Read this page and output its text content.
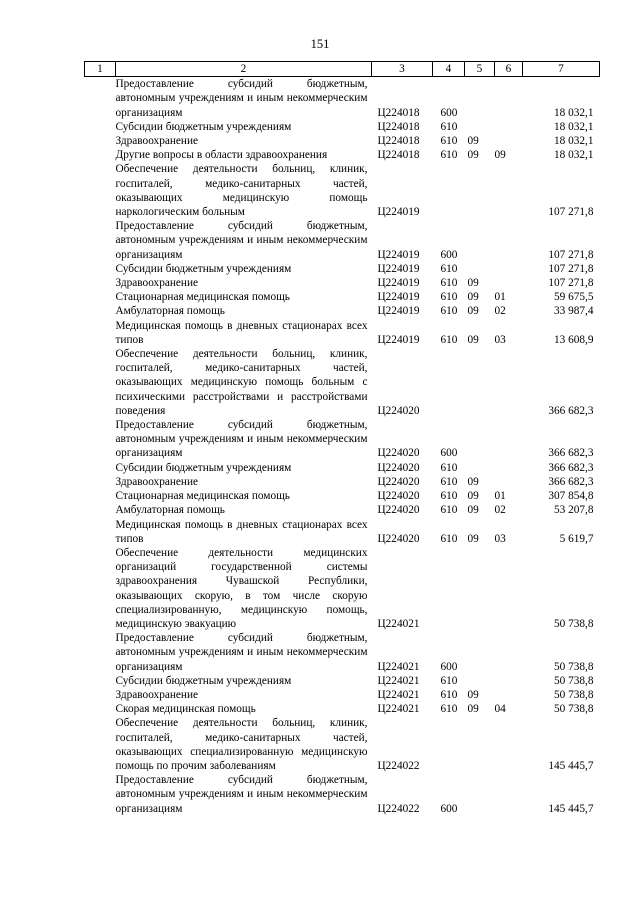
151
1	2	3	4	5	6	7
	Предоставление субсидий бюджетным, автономным учреждениям и иным некоммерческим организациям	Ц224018	600			18 032,1
	Субсидии бюджетным учреждениям	Ц224018	610			18 032,1
	Здравоохранение	Ц224018	610	09		18 032,1
	Другие вопросы в области здравоохранения	Ц224018	610	09	09	18 032,1
	Обеспечение деятельности больниц, клиник, госпиталей, медико-санитарных частей, оказывающих медицинскую помощь наркологическим больным	Ц224019				107 271,8
	Предоставление субсидий бюджетным, автономным учреждениям и иным некоммерческим организациям	Ц224019	600			107 271,8
	Субсидии бюджетным учреждениям	Ц224019	610			107 271,8
	Здравоохранение	Ц224019	610	09		107 271,8
	Стационарная медицинская помощь	Ц224019	610	09	01	59 675,5
	Амбулаторная помощь	Ц224019	610	09	02	33 987,4
	Медицинская помощь в дневных стационарах всех типов	Ц224019	610	09	03	13 608,9
	Обеспечение деятельности больниц, клиник, госпиталей, медико-санитарных частей, оказывающих медицинскую помощь больным с психическими расстройствами и расстройствами поведения	Ц224020				366 682,3
	Предоставление субсидий бюджетным, автономным учреждениям и иным некоммерческим организациям	Ц224020	600			366 682,3
	Субсидии бюджетным учреждениям	Ц224020	610			366 682,3
	Здравоохранение	Ц224020	610	09		366 682,3
	Стационарная медицинская помощь	Ц224020	610	09	01	307 854,8
	Амбулаторная помощь	Ц224020	610	09	02	53 207,8
	Медицинская помощь в дневных стационарах всех типов	Ц224020	610	09	03	5 619,7
	Обеспечение деятельности медицинских организаций государственной системы здравоохранения Чувашской Республики, оказывающих скорую, в том числе скорую специализированную, медицинскую помощь, медицинскую эвакуацию	Ц224021				50 738,8
	Предоставление субсидий бюджетным, автономным учреждениям и иным некоммерческим организациям	Ц224021	600			50 738,8
	Субсидии бюджетным учреждениям	Ц224021	610			50 738,8
	Здравоохранение	Ц224021	610	09		50 738,8
	Скорая медицинская помощь	Ц224021	610	09	04	50 738,8
	Обеспечение деятельности больниц, клиник, госпиталей, медико-санитарных частей, оказывающих специализированную медицинскую помощь по прочим заболеваниям	Ц224022				145 445,7
	Предоставление субсидий бюджетным, автономным учреждениям и иным некоммерческим организациям	Ц224022	600			145 445,7
